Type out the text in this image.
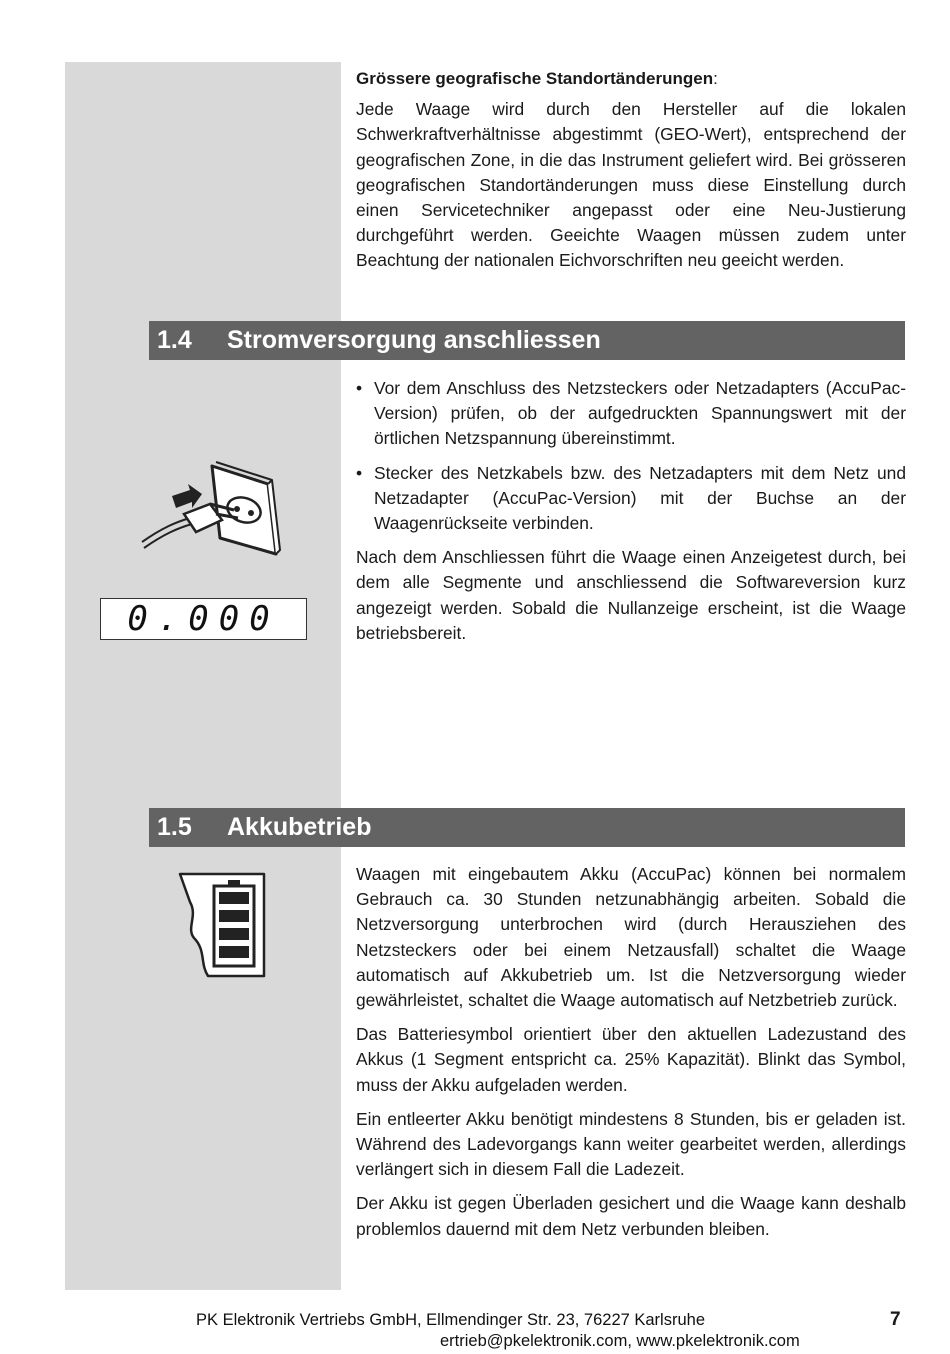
Grössere geografische Standortänderungen:

Jede Waage wird durch den Hersteller auf die lokalen Schwerkraftverhältnisse abgestimmt (GEO-Wert), entsprechend der geografischen Zone, in die das Instrument geliefert wird. Bei grösseren geografischen Standortänderungen muss diese Einstellung durch einen Servicetechniker angepasst oder eine Neu-Justierung durchgeführt werden. Geeichte Waagen müssen zudem unter Beachtung der nationalen Eichvorschriften neu geeicht werden.

1.4 Stromversorgung anschliessen
• Vor dem Anschluss des Netzsteckers oder Netzadapters (AccuPac-Version) prüfen, ob der aufgedruckten Spannungswert mit der örtlichen Netzspannung übereinstimmt.
• Stecker des Netzkabels bzw. des Netzadapters mit dem Netz und Netzadapter (AccuPac-Version) mit der Buchse an der Waagenrückseite verbinden.

Nach dem Anschliessen führt die Waage einen Anzeigetest durch, bei dem alle Segmente und anschliessend die Softwareversion kurz angezeigt werden. Sobald die Nullanzeige erscheint, ist die Waage betriebsbereit.

0.000
1.5 Akkubetrieb

Waagen mit eingebautem Akku (AccuPac) können bei normalem Gebrauch ca. 30 Stunden netzunabhängig arbeiten. Sobald die Netzversorgung unterbrochen wird (durch Herausziehen des Netzsteckers oder bei einem Netzausfall) schaltet die Waage automatisch auf Akkubetrieb um. Ist die Netzversorgung wieder gewährleistet, schaltet die Waage automatisch auf Netzbetrieb zurück.

Das Batteriesymbol orientiert über den aktuellen Ladezustand des Akkus (1 Segment entspricht ca. 25% Kapazität). Blinkt das Symbol, muss der Akku aufgeladen werden.

Ein entleerter Akku benötigt mindestens 8 Stunden, bis er geladen ist. Während des Ladevorgangs kann weiter gearbeitet werden, allerdings verlängert sich in diesem Fall die Ladezeit.

Der Akku ist gegen Überladen gesichert und die Waage kann deshalb problemlos dauernd mit dem Netz verbunden bleiben.

PK Elektronik Vertriebs GmbH, Ellmendinger Str. 23, 76227 Karlsruhe
ertrieb@pkelektronik.com, www.pkelektronik.com
7
